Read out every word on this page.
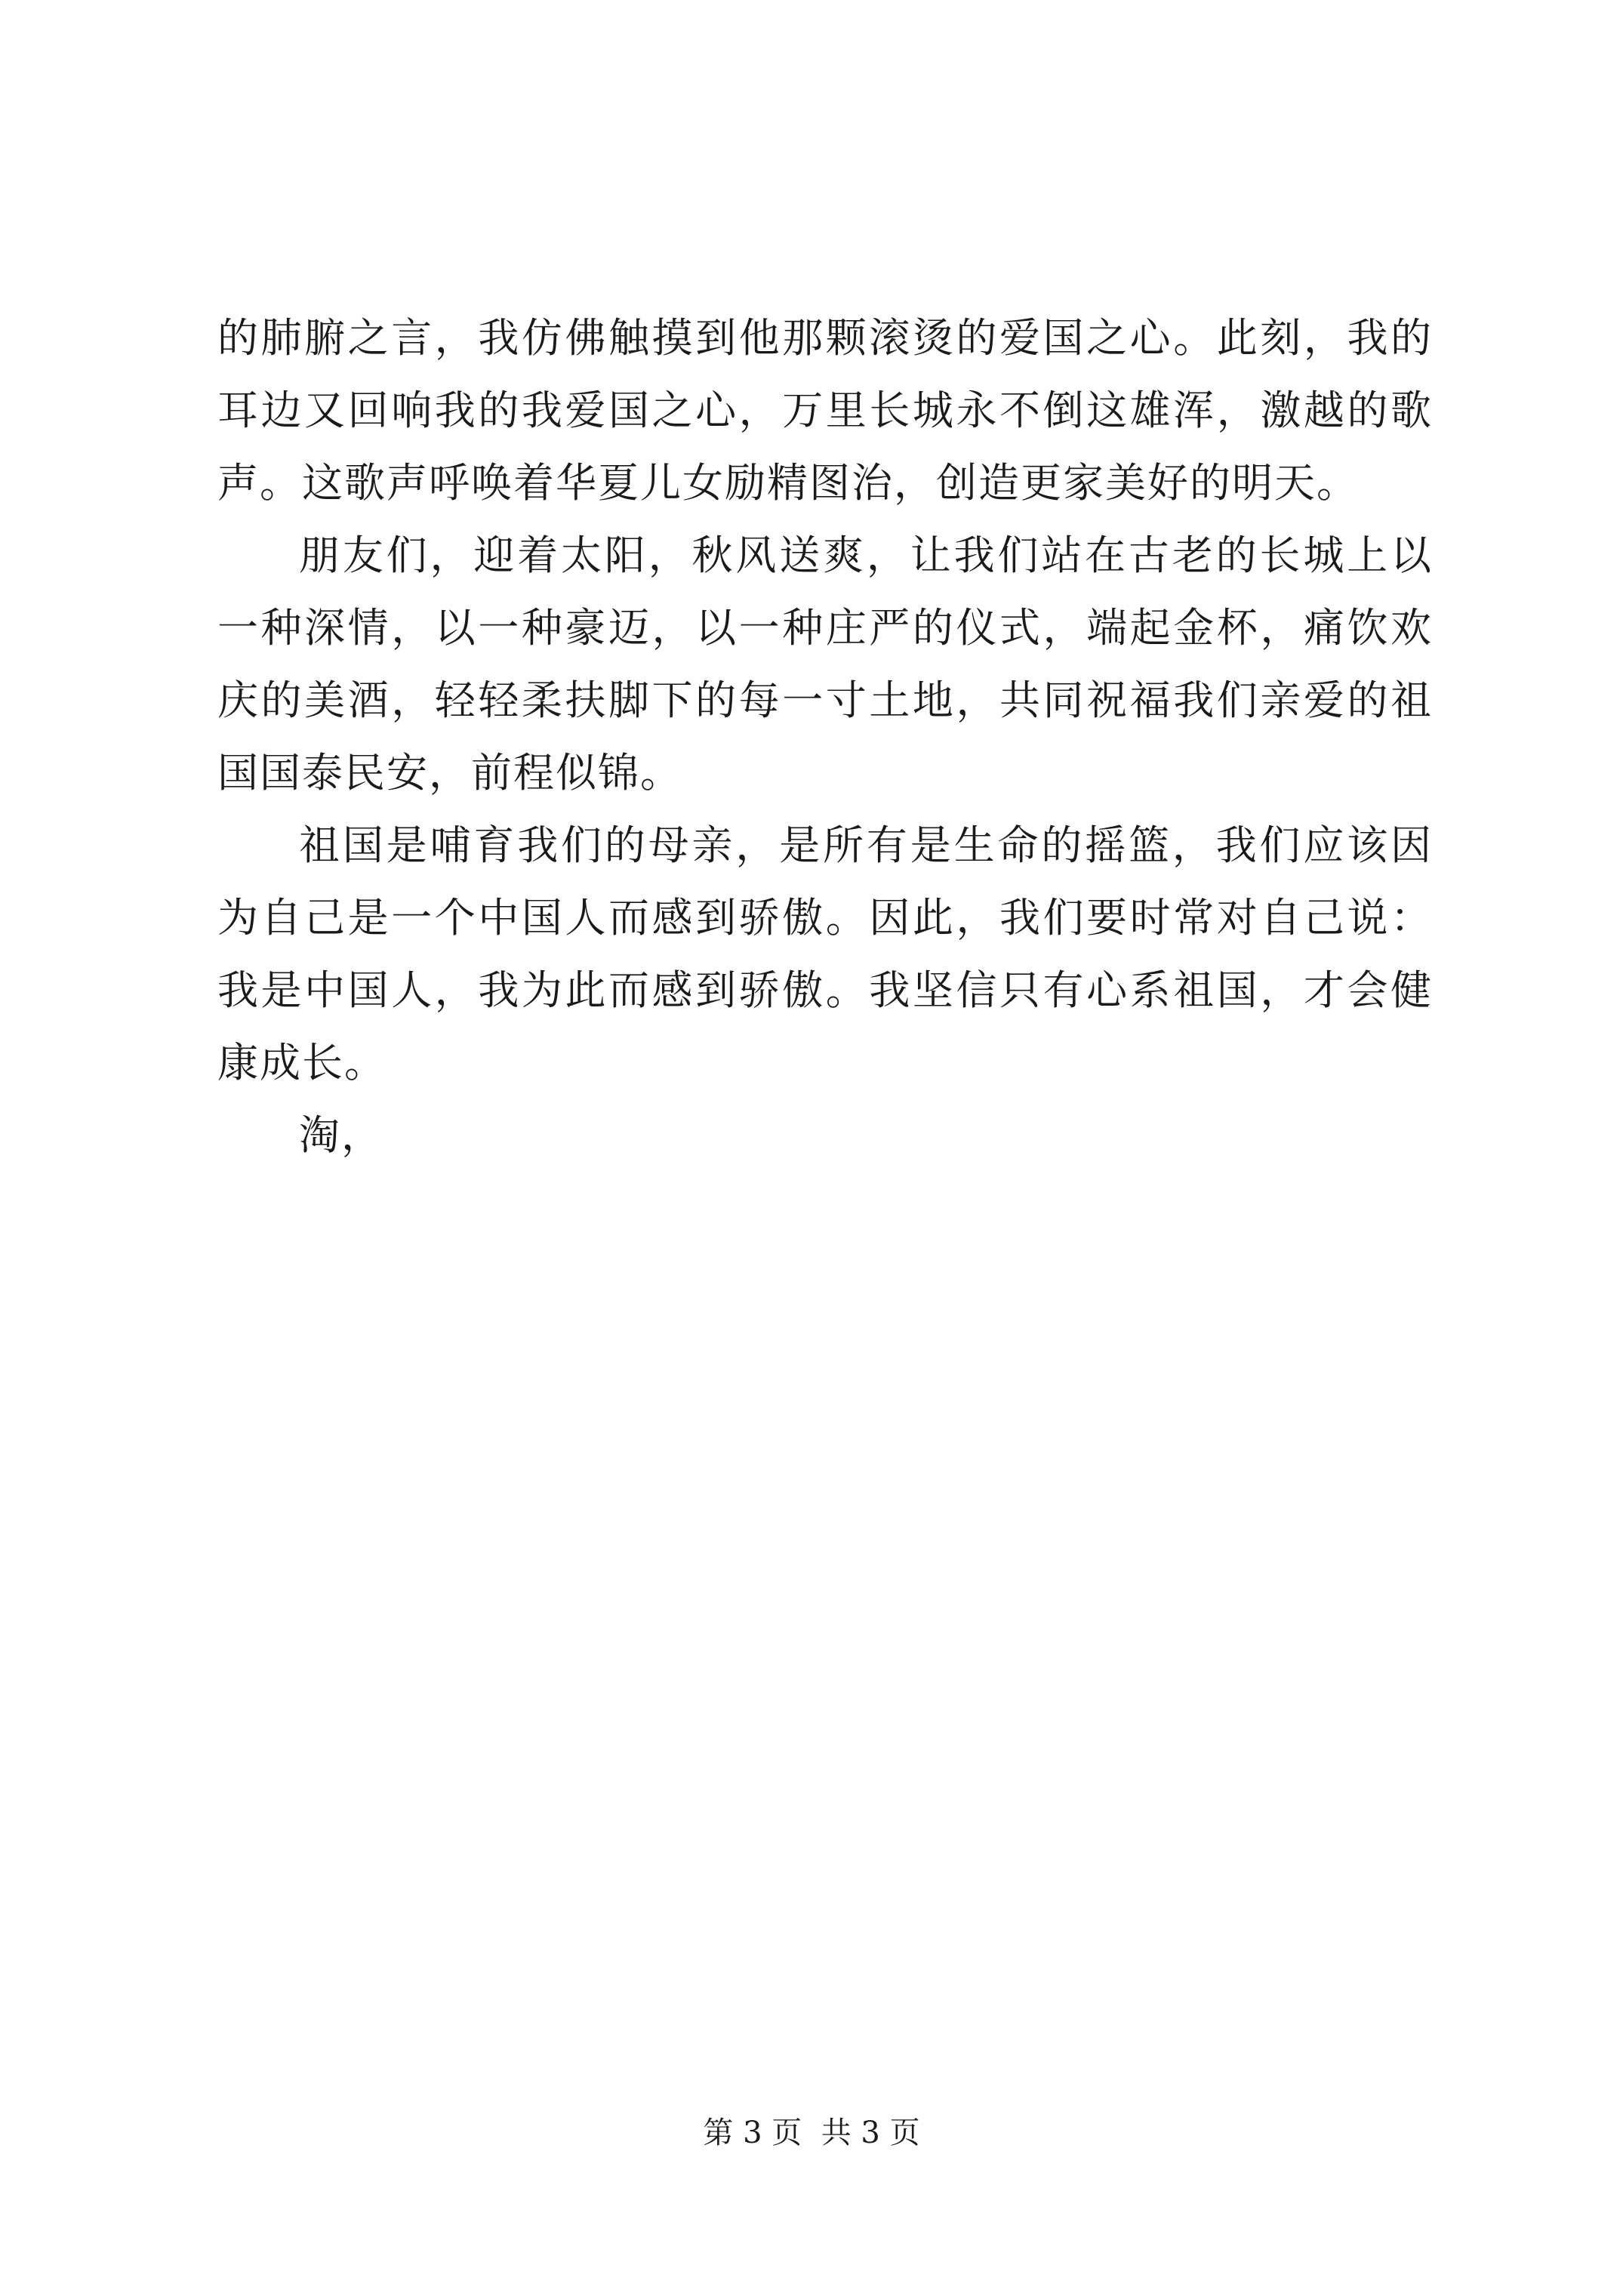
的肺腑之言，我仿佛触摸到他那颗滚烫的爱国之心。此刻，我的
耳边又回响我的我爱国之心，万里长城永不倒这雄浑，激越的歌
声。这歌声呼唤着华夏儿女励精图治，创造更家美好的明天。
朋友们，迎着太阳，秋风送爽，让我们站在古老的长城上以
一种深情，以一种豪迈，以一种庄严的仪式，端起金杯，痛饮欢
庆的美酒，轻轻柔扶脚下的每一寸土地，共同祝福我们亲爱的祖
国国泰民安，前程似锦。
祖国是哺育我们的母亲，是所有是生命的摇篮，我们应该因
为自己是一个中国人而感到骄傲。因此，我们要时常对自己说：
我是中国人，我为此而感到骄傲。我坚信只有心系祖国，才会健
康成长。
淘，
第 3 页  共 3 页
